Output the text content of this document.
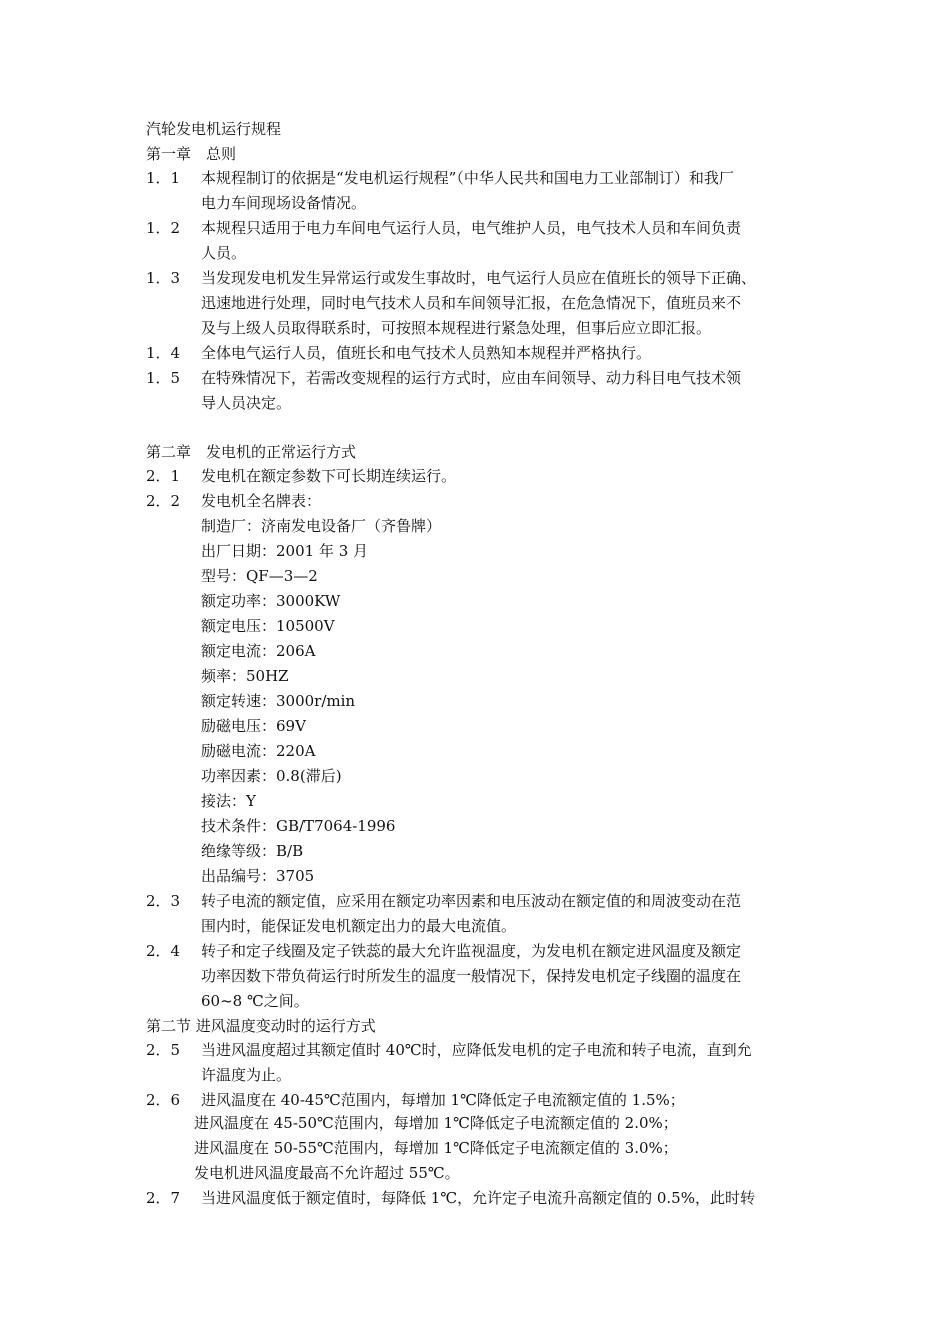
汽轮发电机运行规程
第一章　总则
1．1	本规程制订的依据是“发电机运行规程”（中华人民共和国电力工业部制订）和我厂
电力车间现场设备情况。
1．2	本规程只适用于电力车间电气运行人员，电气维护人员，电气技术人员和车间负责
人员。
1．3	当发现发电机发生异常运行或发生事故时，电气运行人员应在值班长的领导下正确、
迅速地进行处理，同时电气技术人员和车间领导汇报，在危急情况下，值班员来不
及与上级人员取得联系时，可按照本规程进行紧急处理，但事后应立即汇报。
1．4	全体电气运行人员，值班长和电气技术人员熟知本规程并严格执行。
1．5	在特殊情况下，若需改变规程的运行方式时，应由车间领导、动力科目电气技术领
导人员决定。
第二章　发电机的正常运行方式
2．1	发电机在额定参数下可长期连续运行。
2．2	发电机全名牌表：
制造厂：济南发电设备厂（齐鲁牌）
出厂日期：2001 年 3 月
型号：QF—3—2
额定功率：3000KW
额定电压：10500V
额定电流：206A
频率：50HZ
额定转速：3000r/min
励磁电压：69V
励磁电流：220A
功率因素：0.8(滞后)
接法：Y
技术条件：GB/T7064-1996
绝缘等级：B/B
出品编号：3705
2．3	转子电流的额定值，应采用在额定功率因素和电压波动在额定值的和周波变动在范
围内时，能保证发电机额定出力的最大电流值。
2．4	转子和定子线圈及定子铁蕊的最大允许监视温度，为发电机在额定进风温度及额定
功率因数下带负荷运行时所发生的温度一般情况下，保持发电机定子线圈的温度在
60~8 ℃之间。
第二节 进风温度变动时的运行方式
2．5	当进风温度超过其额定值时 40℃时，应降低发电机的定子电流和转子电流，直到允
许温度为止。
2．6	进风温度在 40-45℃范围内，每增加 1℃降低定子电流额定值的 1.5%；
进风温度在 45-50℃范围内，每增加 1℃降低定子电流额定值的 2.0%；
进风温度在 50-55℃范围内，每增加 1℃降低定子电流额定值的 3.0%；
发电机进风温度最高不允许超过 55℃。
2．7	当进风温度低于额定值时，每降低 1℃，允许定子电流升高额定值的 0.5%，此时转
